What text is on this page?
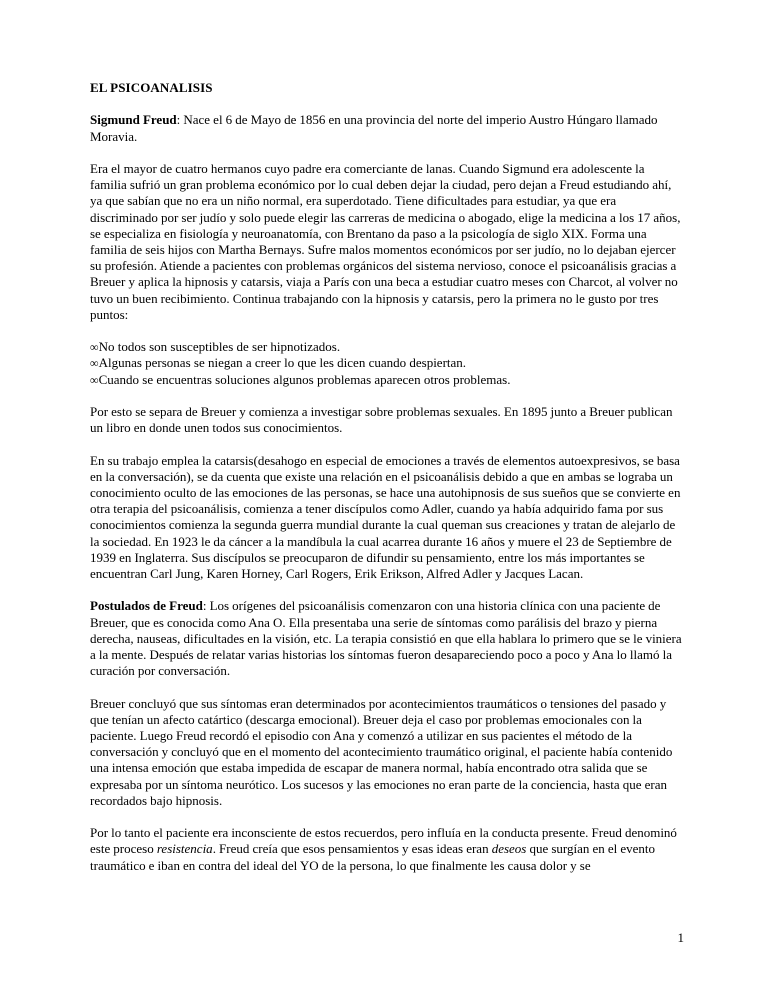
EL PSICOANALISIS

Sigmund Freud: Nace el 6 de Mayo de 1856 en una provincia del norte del imperio Austro Húngaro llamado Moravia.

Era el mayor de cuatro hermanos cuyo padre era comerciante de lanas. Cuando Sigmund era adolescente la familia sufrió un gran problema económico por lo cual deben dejar la ciudad, pero dejan a Freud estudiando ahí, ya que sabían que no era un niño normal, era superdotado. Tiene dificultades para estudiar, ya que era discriminado por ser judío y solo puede elegir las carreras de medicina o abogado, elige la medicina a los 17 años, se especializa en fisiología y neuroanatomía, con Brentano da paso a la psicología de siglo XIX. Forma una familia de seis hijos con Martha Bernays. Sufre malos momentos económicos por ser judío, no lo dejaban ejercer su profesión. Atiende a pacientes con problemas orgánicos del sistema nervioso, conoce el psicoanálisis gracias a Breuer y aplica la hipnosis y catarsis, viaja a París con una beca a estudiar cuatro meses con Charcot, al volver no tuvo un buen recibimiento. Continua trabajando con la hipnosis y catarsis, pero la primera no le gusto por tres puntos:

∞No todos son susceptibles de ser hipnotizados.
∞Algunas personas se niegan a creer lo que les dicen cuando despiertan.
∞Cuando se encuentras soluciones algunos problemas aparecen otros problemas.

Por esto se separa de Breuer y comienza a investigar sobre problemas sexuales. En 1895 junto a Breuer publican un libro en donde unen todos sus conocimientos.

En su trabajo emplea la catarsis(desahogo en especial de emociones a través de elementos autoexpresivos, se basa en la conversación), se da cuenta que existe una relación en el psicoanálisis debido a que en ambas se lograba un conocimiento oculto de las emociones de las personas, se hace una autohipnosis de sus sueños que se convierte en otra terapia del psicoanálisis, comienza a tener discípulos como Adler, cuando ya había adquirido fama por sus conocimientos comienza la segunda guerra mundial durante la cual queman sus creaciones y tratan de alejarlo de la sociedad. En 1923 le da cáncer a la mandíbula la cual acarrea durante 16 años y muere el 23 de Septiembre de 1939 en Inglaterra. Sus discípulos se preocuparon de difundir su pensamiento, entre los más importantes se encuentran Carl Jung, Karen Horney, Carl Rogers, Erik Erikson, Alfred Adler y Jacques Lacan.

Postulados de Freud: Los orígenes del psicoanálisis comenzaron con una historia clínica con una paciente de Breuer, que es conocida como Ana O. Ella presentaba una serie de síntomas como parálisis del brazo y pierna derecha, nauseas, dificultades en la visión, etc. La terapia consistió en que ella hablara lo primero que se le viniera a la mente. Después de relatar varias historias los síntomas fueron desapareciendo poco a poco y Ana lo llamó la curación por conversación.

Breuer concluyó que sus síntomas eran determinados por acontecimientos traumáticos o tensiones del pasado y que tenían un afecto catártico (descarga emocional). Breuer deja el caso por problemas emocionales con la paciente. Luego Freud recordó el episodio con Ana y comenzó a utilizar en sus pacientes el método de la conversación y concluyó que en el momento del acontecimiento traumático original, el paciente había contenido una intensa emoción que estaba impedida de escapar de manera normal, había encontrado otra salida que se expresaba por un síntoma neurótico. Los sucesos y las emociones no eran parte de la conciencia, hasta que eran recordados bajo hipnosis.

Por lo tanto el paciente era inconsciente de estos recuerdos, pero influía en la conducta presente. Freud denominó este proceso resistencia. Freud creía que esos pensamientos y esas ideas eran deseos que surgían en el evento traumático e iban en contra del ideal del YO de la persona, lo que finalmente les causa dolor y se

1
